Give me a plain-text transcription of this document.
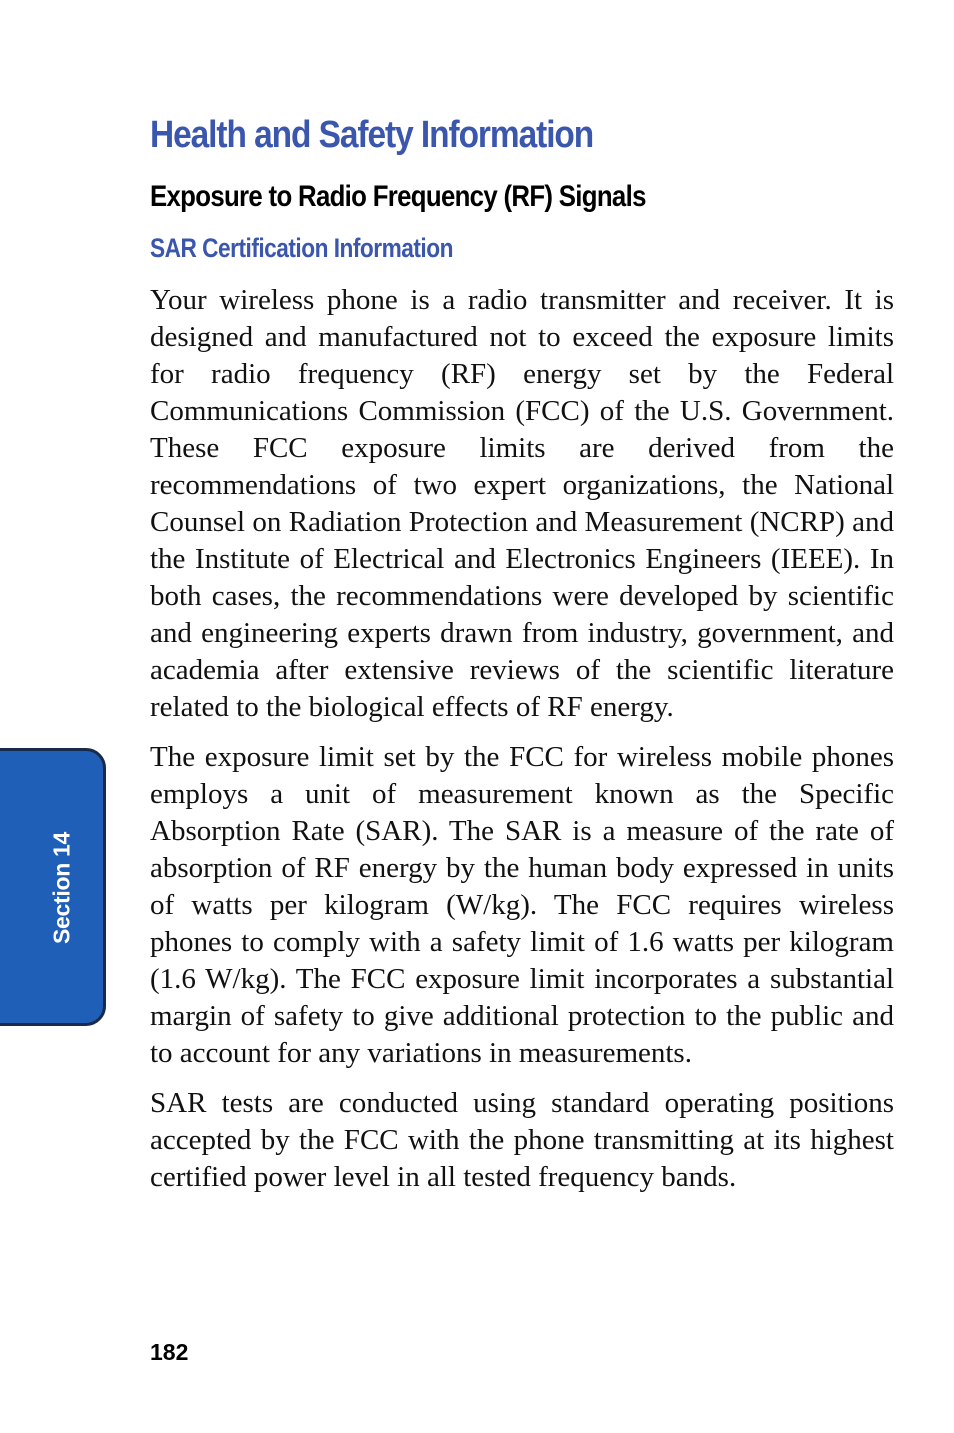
Health and Safety Information
Exposure to Radio Frequency (RF) Signals
SAR Certification Information

Your wireless phone is a radio transmitter and receiver. It is designed and manufactured not to exceed the exposure limits for radio frequency (RF) energy set by the Federal Communications Commission (FCC) of the U.S. Government. These FCC exposure limits are derived from the recommendations of two expert organizations, the National Counsel on Radiation Protection and Measurement (NCRP) and the Institute of Electrical and Electronics Engineers (IEEE). In both cases, the recommendations were developed by scientific and engineering experts drawn from industry, government, and academia after extensive reviews of the scientific literature related to the biological effects of RF energy.

The exposure limit set by the FCC for wireless mobile phones employs a unit of measurement known as the Specific Absorption Rate (SAR). The SAR is a measure of the rate of absorption of RF energy by the human body expressed in units of watts per kilogram (W/kg). The FCC requires wireless phones to comply with a safety limit of 1.6 watts per kilogram (1.6 W/kg). The FCC exposure limit incorporates a substantial margin of safety to give additional protection to the public and to account for any variations in measurements.

SAR tests are conducted using standard operating positions accepted by the FCC with the phone transmitting at its highest certified power level in all tested frequency bands.

Section 14
182
